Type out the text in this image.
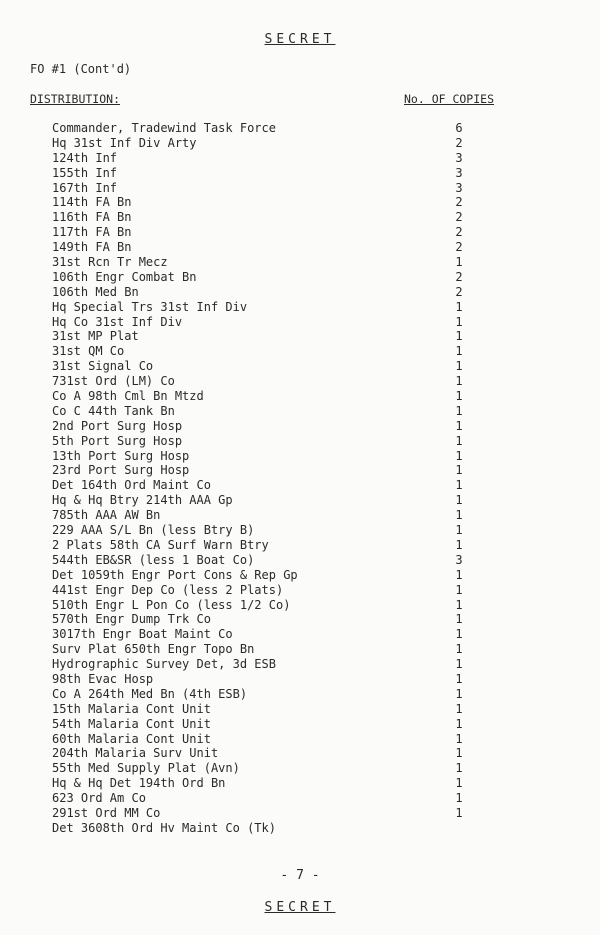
SECRET
FO #1 (Cont'd)
DISTRIBUTION:	No. OF COPIES
Commander, Tradewind Task Force	6
Hq 31st Inf Div Arty	2
124th Inf	3
155th Inf	3
167th Inf	3
114th FA Bn	2
116th FA Bn	2
117th FA Bn	2
149th FA Bn	2
31st Rcn Tr Mecz	1
106th Engr Combat Bn	2
106th Med Bn	2
Hq Special Trs 31st Inf Div	1
Hq Co 31st Inf Div	1
31st MP Plat	1
31st QM Co	1
31st Signal Co	1
731st Ord (LM) Co	1
Co A 98th Cml Bn Mtzd	1
Co C 44th Tank Bn	1
2nd Port Surg Hosp	1
5th Port Surg Hosp	1
13th Port Surg Hosp	1
23rd Port Surg Hosp	1
Det 164th Ord Maint Co	1
Hq & Hq Btry 214th AAA Gp	1
785th AAA AW Bn	1
229 AAA S/L Bn (less Btry B)	1
2 Plats 58th CA Surf Warn Btry	1
544th EB&SR (less 1 Boat Co)	3
Det 1059th Engr Port Cons & Rep Gp	1
441st Engr Dep Co (less 2 Plats)	1
510th Engr L Pon Co (less 1/2 Co)	1
570th Engr Dump Trk Co	1
3017th Engr Boat Maint Co	1
Surv Plat 650th Engr Topo Bn	1
Hydrographic Survey Det, 3d ESB	1
98th Evac Hosp	1
Co A 264th Med Bn (4th ESB)	1
15th Malaria Cont Unit	1
54th Malaria Cont Unit	1
60th Malaria Cont Unit	1
204th Malaria Surv Unit	1
55th Med Supply Plat (Avn)	1
Hq & Hq Det 194th Ord Bn	1
623 Ord Am Co	1
291st Ord MM Co	1
Det 3608th Ord Hv Maint Co (Tk)
- 7 -
SECRET
